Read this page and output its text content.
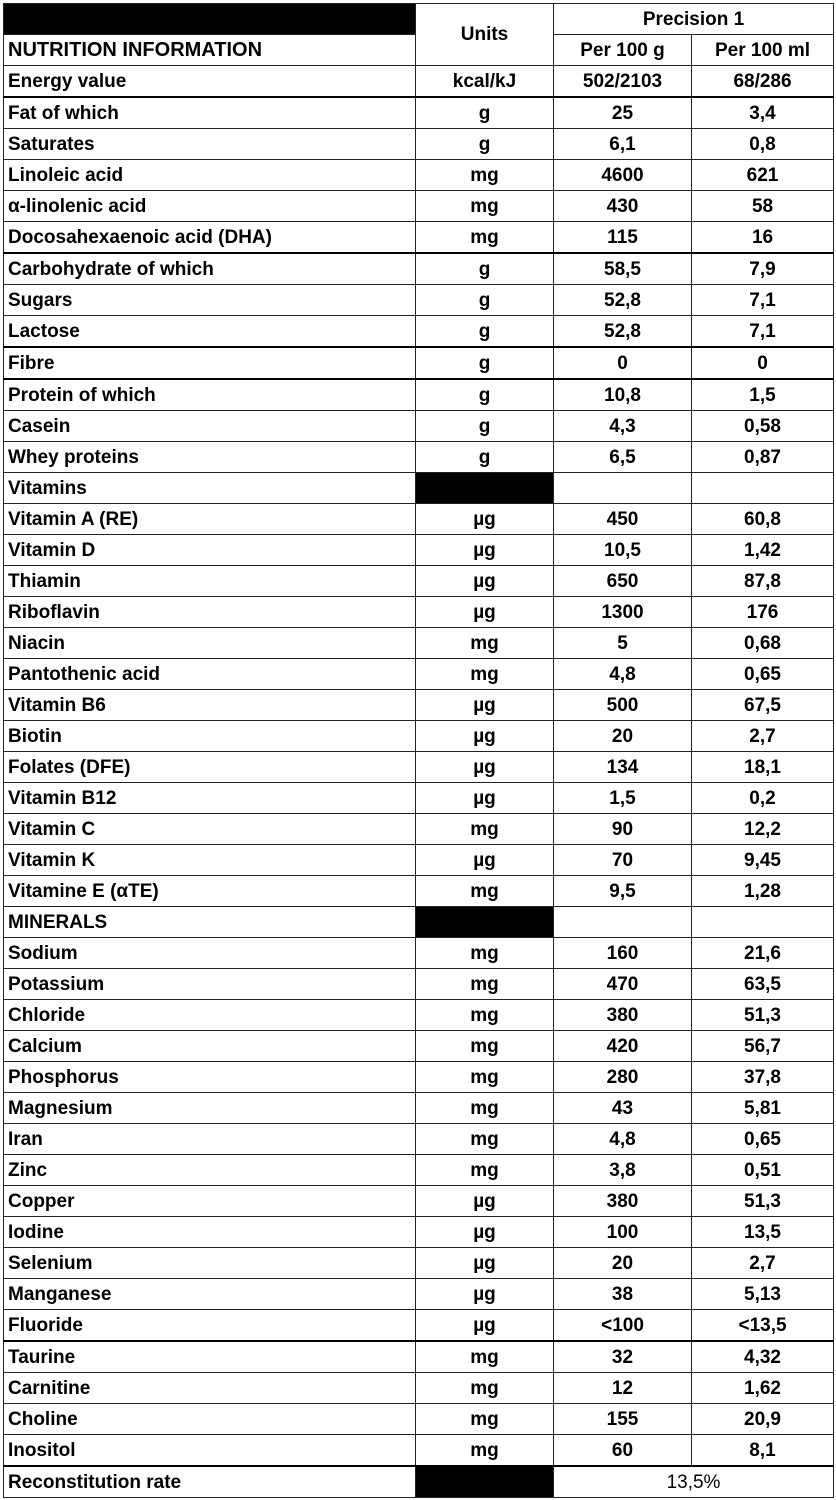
	Units	Precision 1	
NUTRITION INFORMATION		Per 100 g	Per 100 ml
Energy value	kcal/kJ	502/2103	68/286
Fat of which	g	25	3,4
Saturates	g	6,1	0,8
Linoleic acid	mg	4600	621
α-linolenic acid	mg	430	58
Docosahexaenoic acid (DHA)	mg	115	16
Carbohydrate of which	g	58,5	7,9
Sugars	g	52,8	7,1
Lactose	g	52,8	7,1
Fibre	g	0	0
Protein of which	g	10,8	1,5
Casein	g	4,3	0,58
Whey proteins	g	6,5	0,87
Vitamins			
Vitamin A (RE)	µg	450	60,8
Vitamin D	µg	10,5	1,42
Thiamin	µg	650	87,8
Riboflavin	µg	1300	176
Niacin	mg	5	0,68
Pantothenic acid	mg	4,8	0,65
Vitamin B6	µg	500	67,5
Biotin	µg	20	2,7
Folates (DFE)	µg	134	18,1
Vitamin B12	µg	1,5	0,2
Vitamin C	mg	90	12,2
Vitamin K	µg	70	9,45
Vitamine E (αTE)	mg	9,5	1,28
MINERALS			
Sodium	mg	160	21,6
Potassium	mg	470	63,5
Chloride	mg	380	51,3
Calcium	mg	420	56,7
Phosphorus	mg	280	37,8
Magnesium	mg	43	5,81
Iran	mg	4,8	0,65
Zinc	mg	3,8	0,51
Copper	µg	380	51,3
Iodine	µg	100	13,5
Selenium	µg	20	2,7
Manganese	µg	38	5,13
Fluoride	µg	<100	<13,5
Taurine	mg	32	4,32
Carnitine	mg	12	1,62
Choline	mg	155	20,9
Inositol	mg	60	8,1
Reconstitution rate		13,5%	
